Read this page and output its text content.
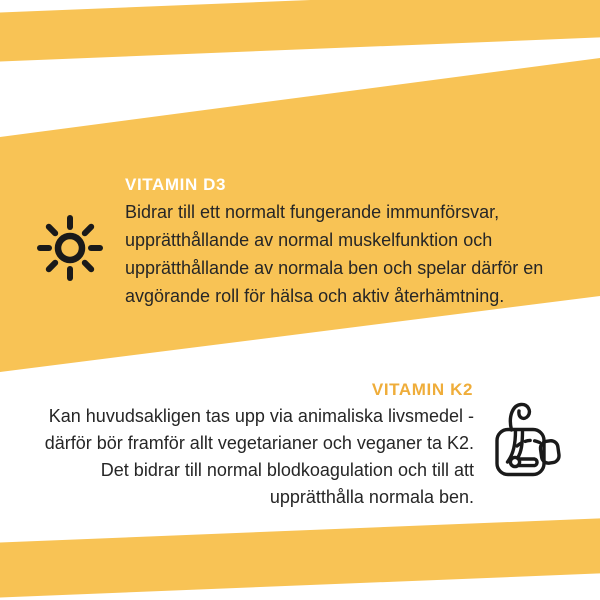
VITAMIN D3
Bidrar till ett normalt fungerande immunförsvar,
upprätthållande av normal muskelfunktion och
upprätthållande av normala ben och spelar därför en
avgörande roll för hälsa och aktiv återhämtning.
VITAMIN K2
Kan huvudsakligen tas upp via animaliska livsmedel -
därför bör framför allt vegetarianer och veganer ta K2.
Det bidrar till normal blodkoagulation och till att
upprätthålla normala ben.
